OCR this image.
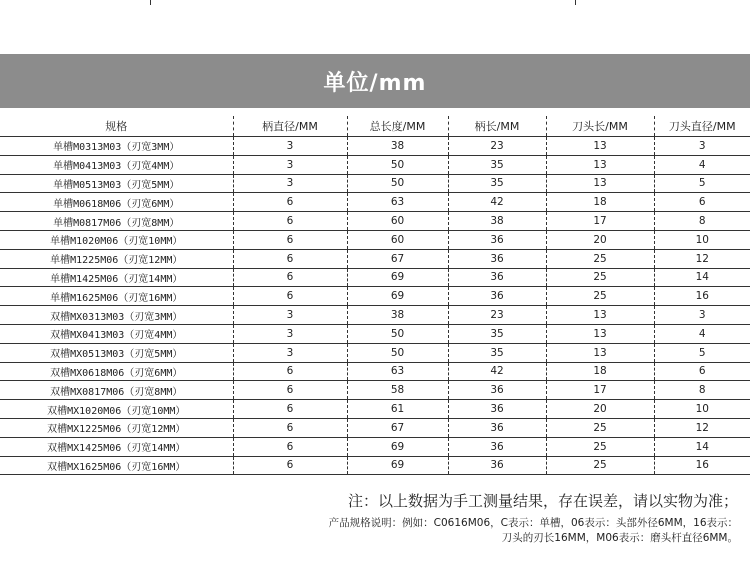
单位/mm
规格	柄直径/MM	总长度/MM	柄长/MM	刀头长/MM	刀头直径/MM
单槽M0313M03（刃宽3MM）	3	38	23	13	3
单槽M0413M03（刃宽4MM）	3	50	35	13	4
单槽M0513M03（刃宽5MM）	3	50	35	13	5
单槽M0618M06（刃宽6MM）	6	63	42	18	6
单槽M0817M06（刃宽8MM）	6	60	38	17	8
单槽M1020M06（刃宽10MM）	6	60	36	20	10
单槽M1225M06（刃宽12MM）	6	67	36	25	12
单槽M1425M06（刃宽14MM）	6	69	36	25	14
单槽M1625M06（刃宽16MM）	6	69	36	25	16
双槽MX0313M03（刃宽3MM）	3	38	23	13	3
双槽MX0413M03（刃宽4MM）	3	50	35	13	4
双槽MX0513M03（刃宽5MM）	3	50	35	13	5
双槽MX0618M06（刃宽6MM）	6	63	42	18	6
双槽MX0817M06（刃宽8MM）	6	58	36	17	8
双槽MX1020M06（刃宽10MM）	6	61	36	20	10
双槽MX1225M06（刃宽12MM）	6	67	36	25	12
双槽MX1425M06（刃宽14MM）	6	69	36	25	14
双槽MX1625M06（刃宽16MM）	6	69	36	25	16
注：以上数据为手工测量结果，存在误差，请以实物为准；
产品规格说明：例如：C0616M06，C表示：单槽，06表示：头部外径6MM，16表示：
刀头的刃长16MM，M06表示：磨头杆直径6MM。
